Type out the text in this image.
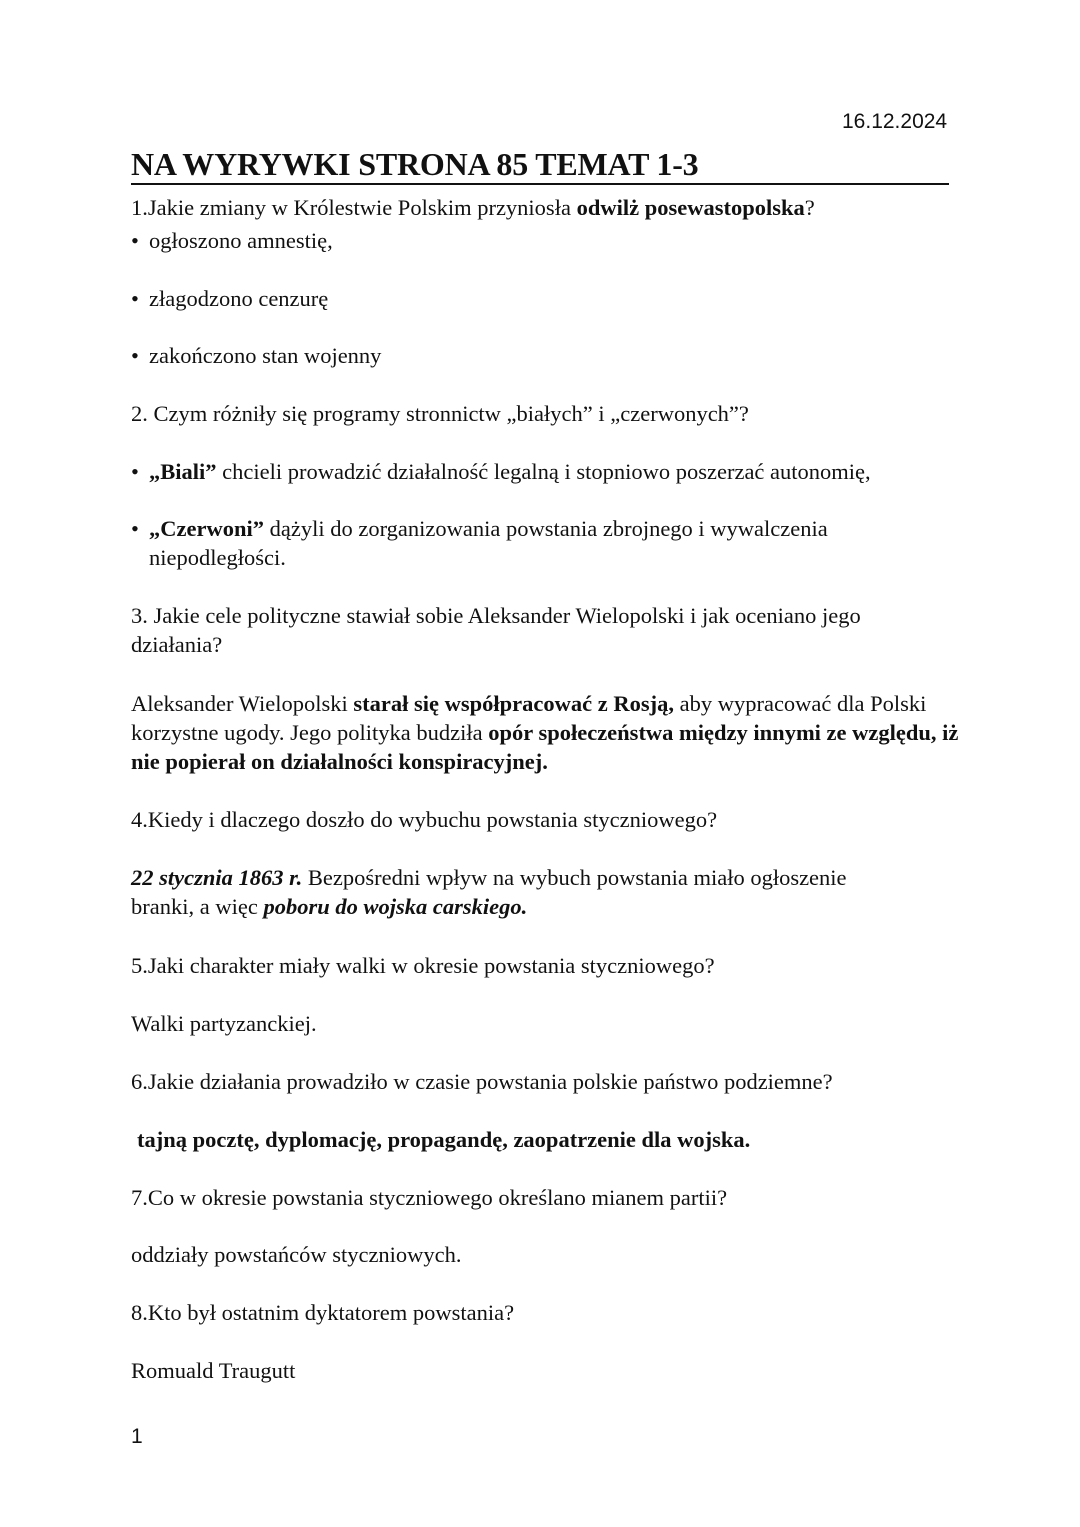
16.12.2024
NA WYRYWKI STRONA 85 TEMAT 1-3
1.Jakie zmiany w Królestwie Polskim przyniosła odwilż posewastopolska?
• ogłoszono amnestię,
• złagodzono cenzurę
• zakończono stan wojenny
2. Czym różniły się programy stronnictw „białych” i „czerwonych”?
• „Biali” chcieli prowadzić działalność legalną i stopniowo poszerzać autonomię,
• „Czerwoni” dążyli do zorganizowania powstania zbrojnego i wywalczenia niepodległości.
3. Jakie cele polityczne stawiał sobie Aleksander Wielopolski i jak oceniano jego działania?
Aleksander Wielopolski starał się współpracować z Rosją, aby wypracować dla Polski korzystne ugody. Jego polityka budziła opór społeczeństwa między innymi ze względu, iż nie popierał on działalności konspiracyjnej.
4.Kiedy i dlaczego doszło do wybuchu powstania styczniowego?
22 stycznia 1863 r. Bezpośredni wpływ na wybuch powstania miało ogłoszenie branki, a więc poboru do wojska carskiego.
5.Jaki charakter miały walki w okresie powstania styczniowego?
Walki partyzanckiej.
6.Jakie działania prowadziło w czasie powstania polskie państwo podziemne?
tajną pocztę, dyplomację, propagandę, zaopatrzenie dla wojska.
7.Co w okresie powstania styczniowego określano mianem partii?
oddziały powstańców styczniowych.
8.Kto był ostatnim dyktatorem powstania?
Romuald Traugutt
1
